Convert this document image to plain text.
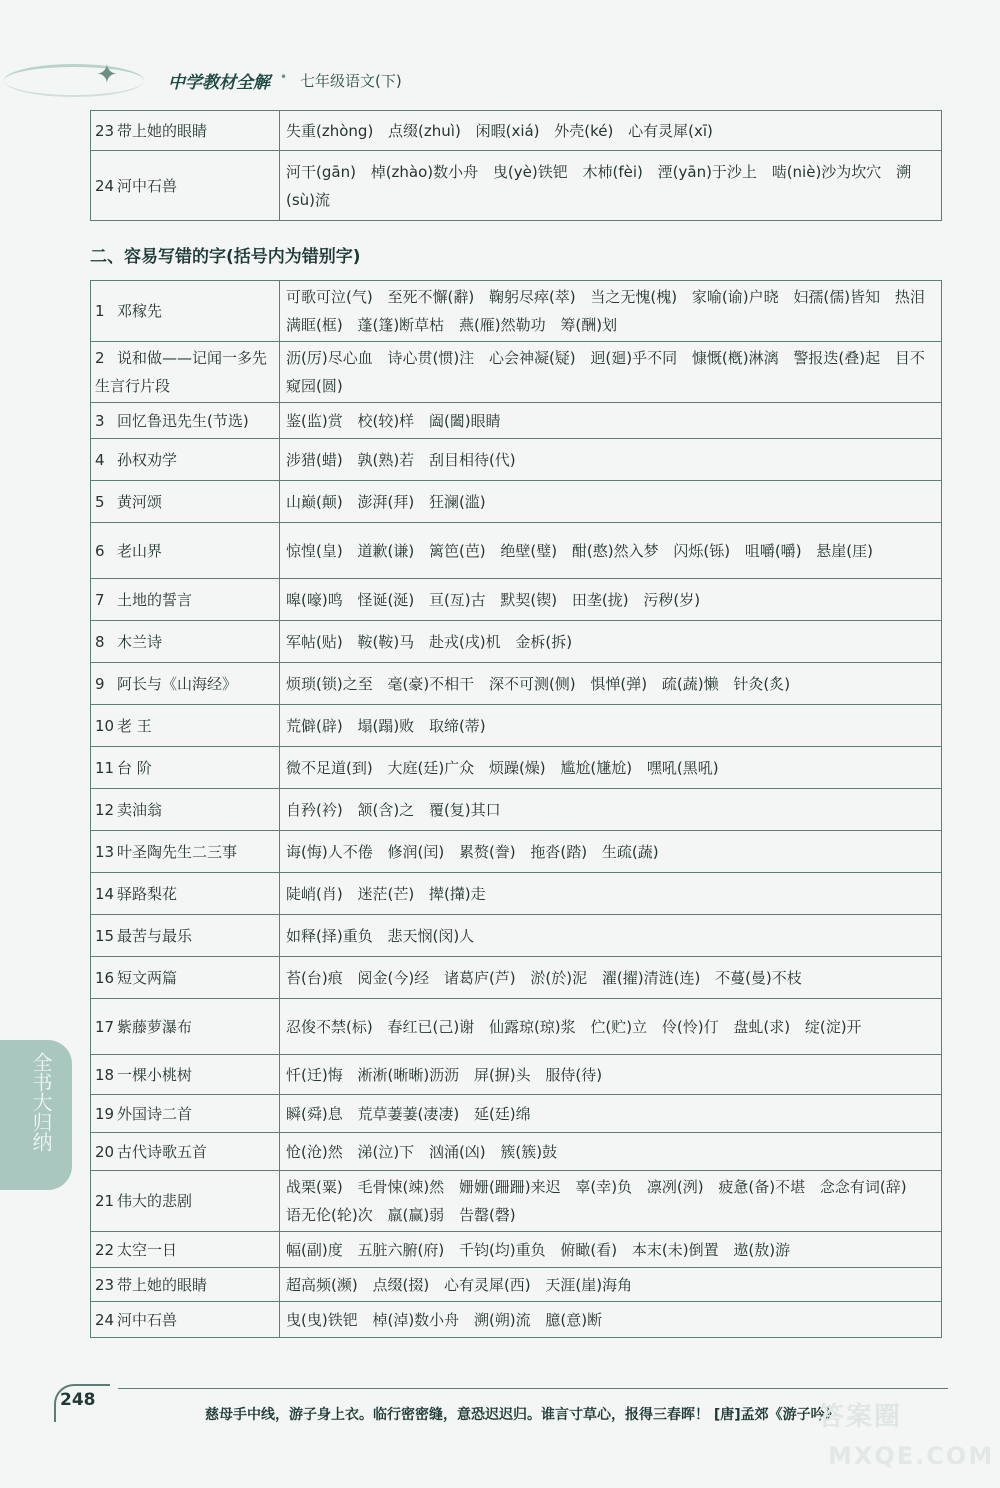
✦	中学教材全解 • 七年级语文(下)
23 带上她的眼睛	失重(zhòng) 点缀(zhuì) 闲暇(xiá) 外壳(ké) 心有灵犀(xī)
24 河中石兽	河干(gān) 棹(zhào)数小舟 曳(yè)铁钯 木杮(fèi) 湮(yān)于沙上 啮(niè)沙为坎穴 溯(sù)流
二、容易写错的字(括号内为错别字)
1 邓稼先	可歌可泣(气) 至死不懈(辭) 鞠躬尽瘁(萃) 当之无愧(槐) 家喻(谕)户晓 妇孺(儒)皆知 热泪满眶(框) 蓬(篷)断草枯 燕(雁)然勒功 筹(酬)划
2 说和做——记闻一多先生言行片段	沥(厉)尽心血 诗心贯(惯)注 心会神凝(疑) 迥(廻)乎不同 慷慨(槪)淋漓 警报迭(叠)起 目不窥园(圆)
3 回忆鲁迅先生(节选)	鉴(监)赏 校(较)样 阖(闔)眼睛
4 孙权劝学	涉猎(蜡) 孰(熟)若 刮目相待(代)
5 黄河颂	山巅(颠) 澎湃(拜) 狂澜(滥)
6 老山界	惊惶(皇) 道歉(谦) 篱笆(芭) 绝壁(璧) 酣(憨)然入梦 闪烁(铄) 咀嚼(嚼) 悬崖(厓)
7 土地的誓言	嗥(嚎)鸣 怪诞(涎) 亘(亙)古 默契(锲) 田垄(拢) 污秽(岁)
8 木兰诗	军帖(贴) 鞍(鞍)马 赴戎(戌)机 金柝(拆)
9 阿长与《山海经》	烦琐(锁)之至 毫(豪)不相干 深不可测(侧) 惧惮(弹) 疏(蔬)懒 针灸(炙)
10 老 王	荒僻(辟) 塌(蹋)败 取缔(蒂)
11 台 阶	微不足道(到) 大庭(廷)广众 烦躁(燥) 尴尬(尲尬) 嘿吼(黑吼)
12 卖油翁	自矜(衿) 颔(含)之 覆(复)其口
13 叶圣陶先生二三事	诲(悔)人不倦 修润(闰) 累赘(誊) 拖沓(踏) 生疏(蔬)
14 驿路梨花	陡峭(肖) 迷茫(芒) 撵(攆)走
15 最苦与最乐	如释(择)重负 悲天悯(闵)人
16 短文两篇	苔(台)痕 阅金(今)经 诸葛庐(芦) 淤(於)泥 濯(擢)清涟(连) 不蔓(曼)不枝
17 紫藤萝瀑布	忍俊不禁(标) 春红已(己)谢 仙露琼(琼)浆 伫(贮)立 伶(怜)仃 盘虬(求) 绽(淀)开
18 一棵小桃树	忏(迁)悔 淅淅(晰晰)沥沥 屏(摒)头 服侍(待)
19 外国诗二首	瞬(舜)息 荒草萋萋(凄凄) 延(廷)绵
20 古代诗歌五首	怆(沧)然 涕(泣)下 汹涌(凶) 簇(簇)鼓
21 伟大的悲剧	战栗(粟) 毛骨悚(竦)然 姗姗(跚跚)来迟 辜(幸)负 凛冽(洌) 疲惫(备)不堪 念念有词(辞) 语无伦(轮)次 羸(赢)弱 告罄(磬)
22 太空一日	幅(副)度 五脏六腑(府) 千钧(均)重负 俯瞰(看) 本末(未)倒置 遨(敖)游
23 带上她的眼睛	超高频(濒) 点缀(掇) 心有灵犀(西) 天涯(崖)海角
24 河中石兽	曳(曳)铁钯 棹(淖)数小舟 溯(朔)流 臆(意)断
全书大归纳
248
慈母手中线，游子身上衣。临行密密缝，意恐迟迟归。谁言寸草心，报得三春晖！ [唐]孟郊《游子吟》
答案圈
MXQE.COM
